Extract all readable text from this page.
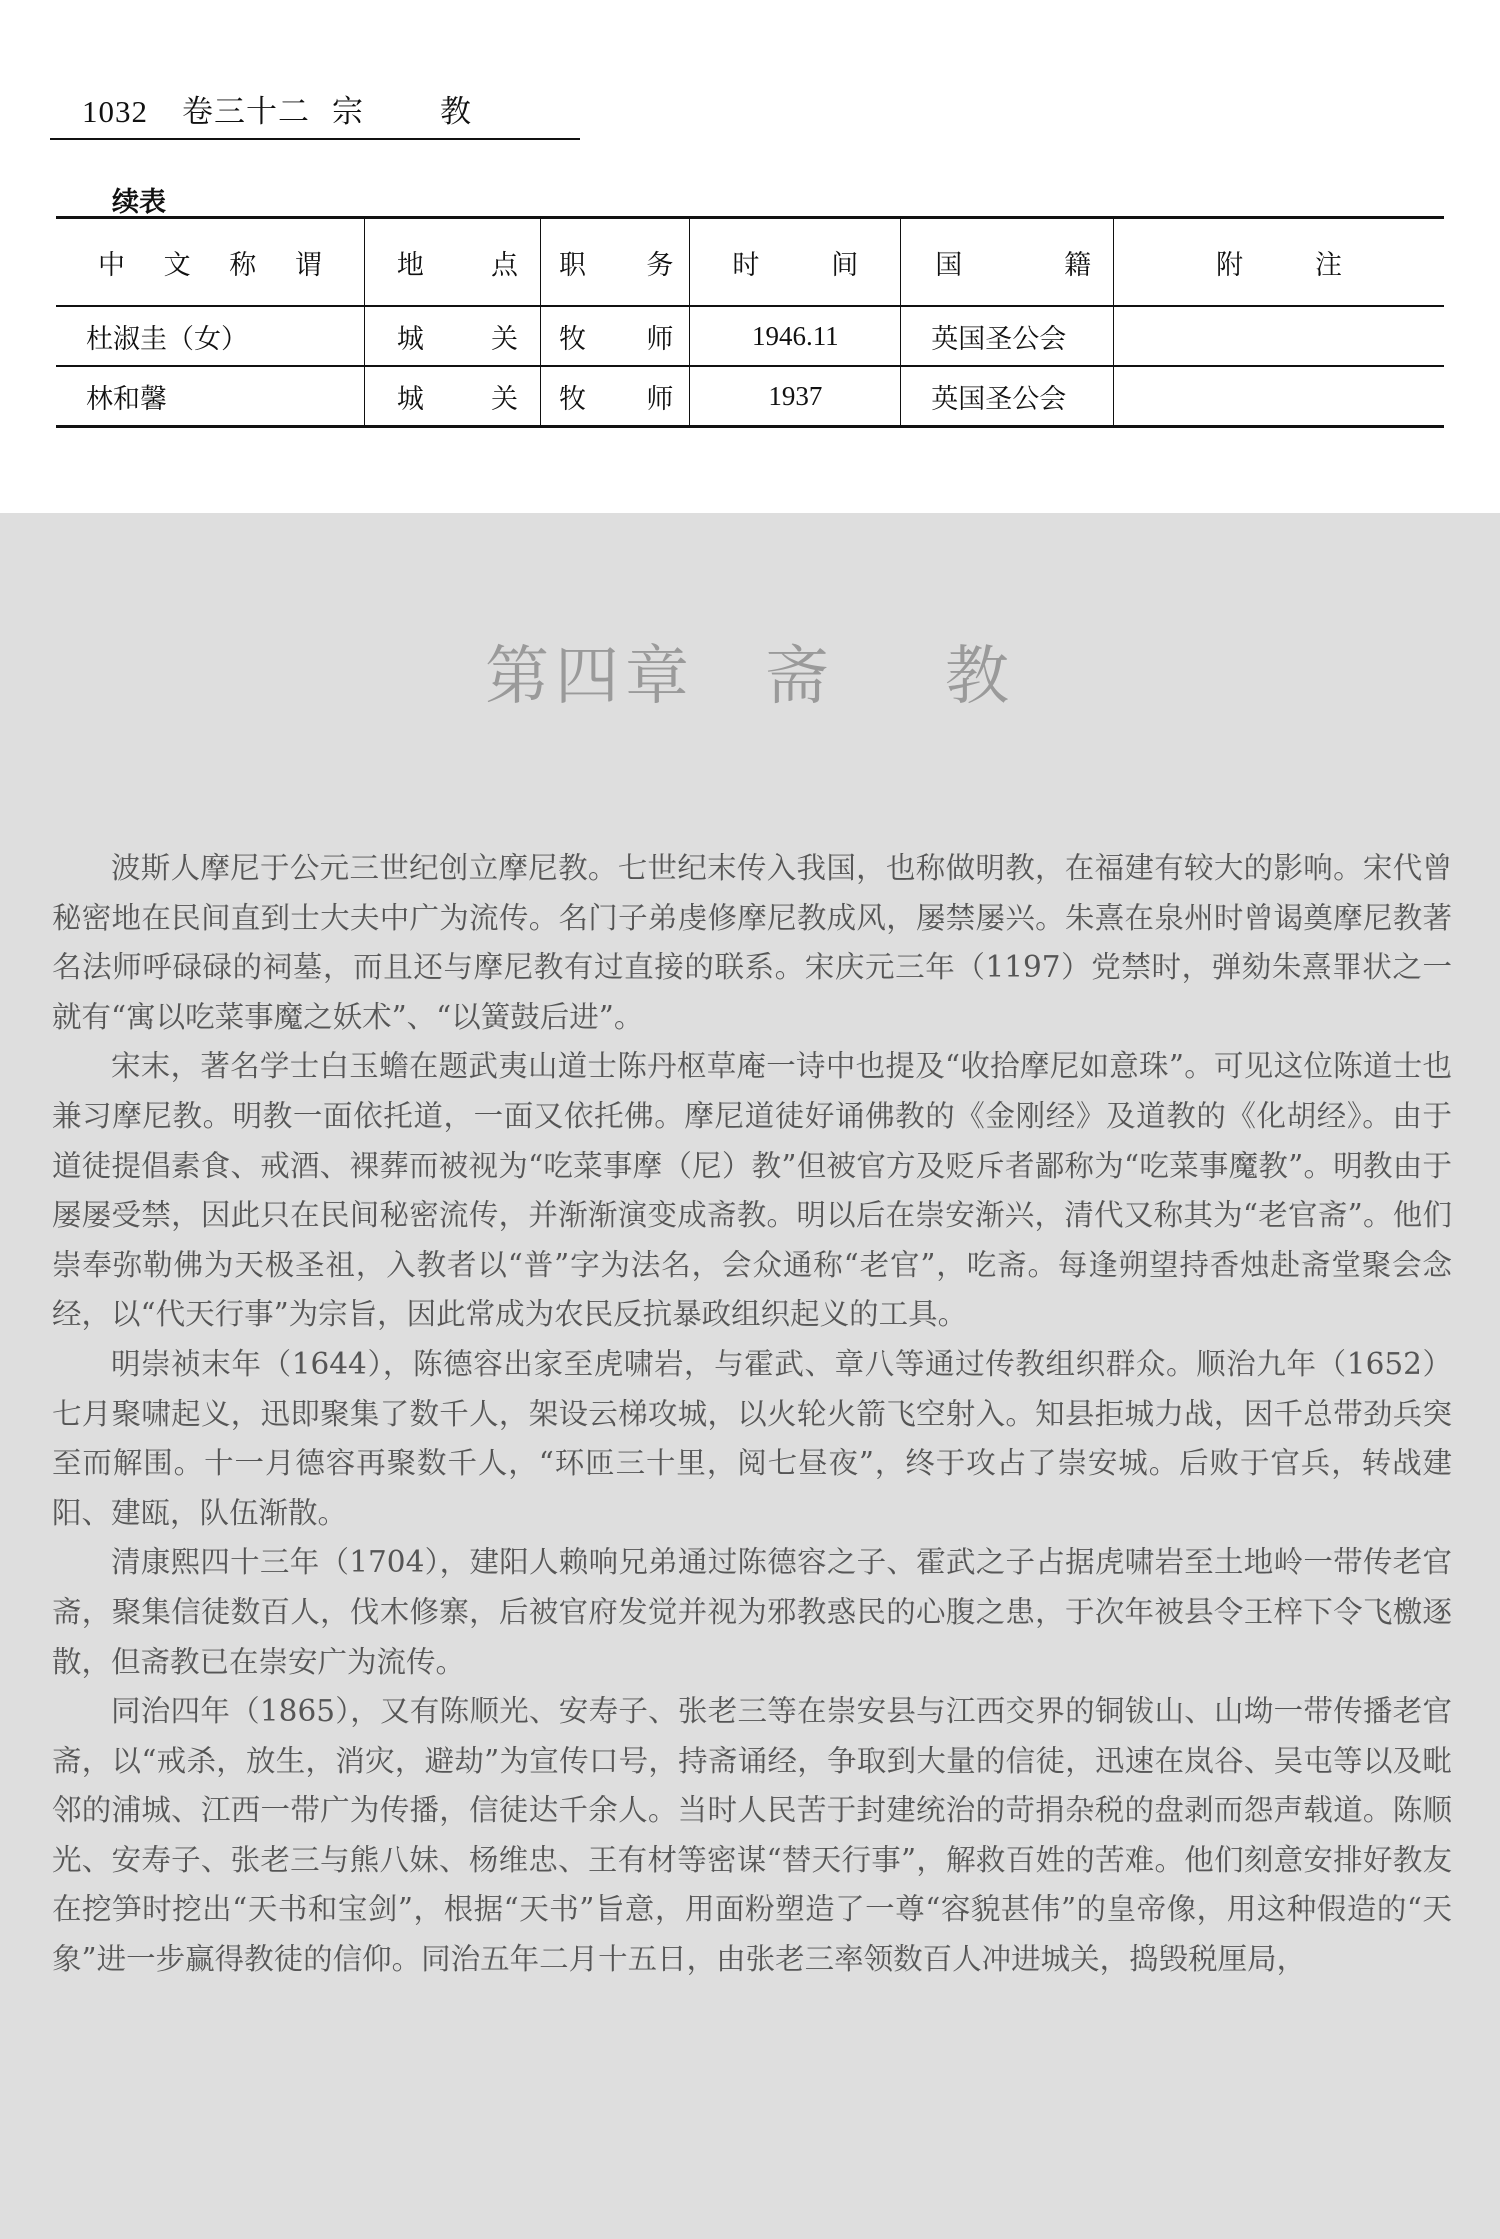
1032 卷三十二 宗 教
续表
中 文 称 谓	地 点	职 务	时 间	国 籍	附 注

杜淑圭（女）	城 关	牧 师	1946.11	英国圣公会	
林和馨	城 关	牧 师	1937	英国圣公会	
第四章 斋 教

波斯人摩尼于公元三世纪创立摩尼教。七世纪末传入我国，也称做明教，在福建有较大的影响。宋代曾秘密地在民间直到士大夫中广为流传。名门子弟虔修摩尼教成风，屡禁屡兴。朱熹在泉州时曾谒奠摩尼教著名法师呼碌碌的祠墓，而且还与摩尼教有过直接的联系。宋庆元三年（1197）党禁时，弹劾朱熹罪状之一就有“寓以吃菜事魔之妖术”、“以簧鼓后进”。

宋末，著名学士白玉蟾在题武夷山道士陈丹枢草庵一诗中也提及“收拾摩尼如意珠”。可见这位陈道士也兼习摩尼教。明教一面依托道，一面又依托佛。摩尼道徒好诵佛教的《金刚经》及道教的《化胡经》。由于道徒提倡素食、戒酒、裸葬而被视为“吃菜事摩（尼）教”但被官方及贬斥者鄙称为“吃菜事魔教”。明教由于屡屡受禁，因此只在民间秘密流传，并渐渐演变成斋教。明以后在崇安渐兴，清代又称其为“老官斋”。他们崇奉弥勒佛为天极圣祖，入教者以“普”字为法名，会众通称“老官”，吃斋。每逢朔望持香烛赴斋堂聚会念经，以“代天行事”为宗旨，因此常成为农民反抗暴政组织起义的工具。

明崇祯末年（1644），陈德容出家至虎啸岩，与霍武、章八等通过传教组织群众。顺治九年（1652）七月聚啸起义，迅即聚集了数千人，架设云梯攻城，以火轮火箭飞空射入。知县拒城力战，因千总带劲兵突至而解围。十一月德容再聚数千人，“环匝三十里，阅七昼夜”，终于攻占了崇安城。后败于官兵，转战建阳、建瓯，队伍渐散。

清康熙四十三年（1704），建阳人赖响兄弟通过陈德容之子、霍武之子占据虎啸岩至土地岭一带传老官斋，聚集信徒数百人，伐木修寨，后被官府发觉并视为邪教惑民的心腹之患，于次年被县令王梓下令飞檄逐散，但斋教已在崇安广为流传。

同治四年（1865），又有陈顺光、安寿子、张老三等在崇安县与江西交界的铜钹山、山坳一带传播老官斋，以“戒杀，放生，消灾，避劫”为宣传口号，持斋诵经，争取到大量的信徒，迅速在岚谷、吴屯等以及毗邻的浦城、江西一带广为传播，信徒达千余人。当时人民苦于封建统治的苛捐杂税的盘剥而怨声载道。陈顺光、安寿子、张老三与熊八妹、杨维忠、王有材等密谋“替天行事”，解救百姓的苦难。他们刻意安排好教友在挖笋时挖出“天书和宝剑”，根据“天书”旨意，用面粉塑造了一尊“容貌甚伟”的皇帝像，用这种假造的“天象”进一步赢得教徒的信仰。同治五年二月十五日，由张老三率领数百人冲进城关，捣毁税厘局，
